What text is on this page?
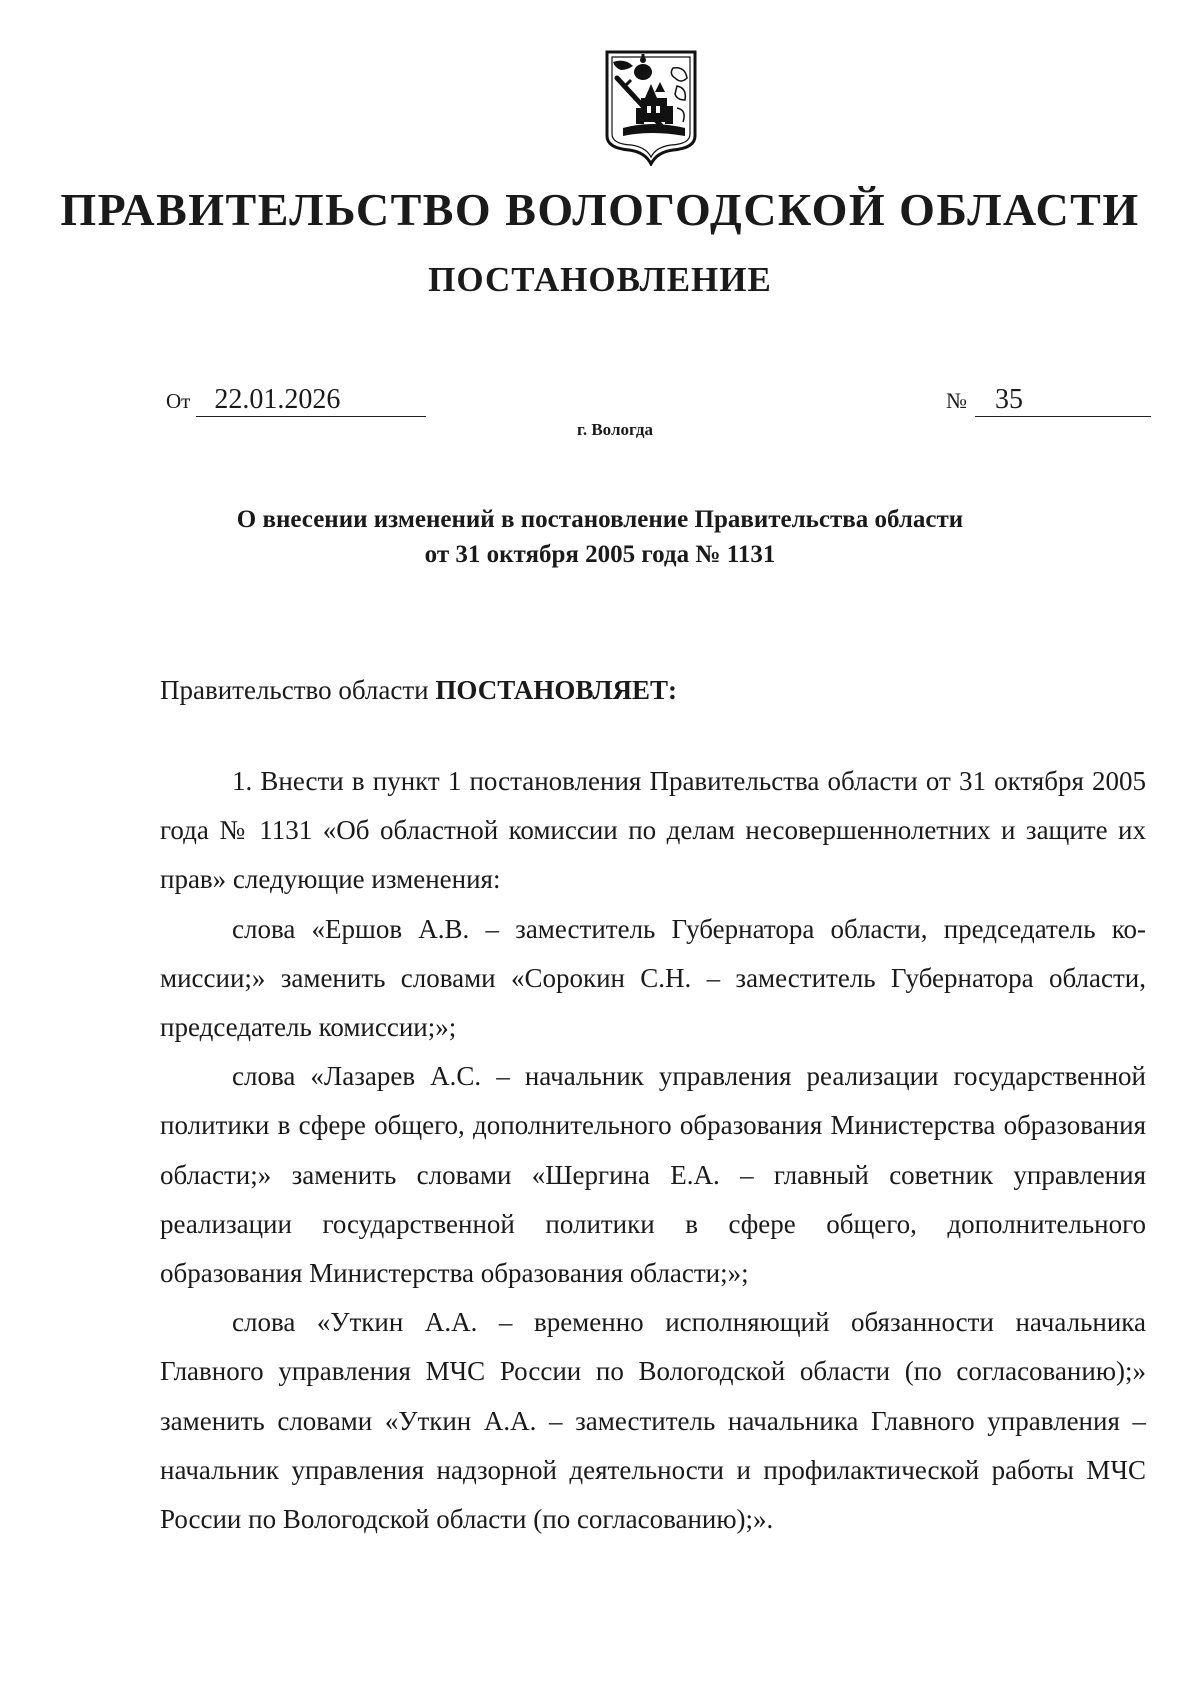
ПРАВИТЕЛЬСТВО ВОЛОГОДСКОЙ ОБЛАСТИ
ПОСТАНОВЛЕНИЕ
От 22.01.2026	№ 35
г. Вологда
О внесении изменений в постановление Правительства области
от 31 октября 2005 года № 1131
Правительство области ПОСТАНОВЛЯЕТ:

1. Внести в пункт 1 постановления Правительства области от 31 октября 2005 года № 1131 «Об областной комиссии по делам несовершеннолетних и защите их прав» следующие изменения:

слова «Ершов А.В. – заместитель Губернатора области, председатель комиссии;» заменить словами «Сорокин С.Н. – заместитель Губернатора области, председатель комиссии;»;

слова «Лазарев А.С. – начальник управления реализации государственной политики в сфере общего, дополнительного образования Министерства образования области;» заменить словами «Шергина Е.А. – главный советник управления реализации государственной политики в сфере общего, дополнительного образования Министерства образования области;»;

слова «Уткин А.А. – временно исполняющий обязанности начальника Главного управления МЧС России по Вологодской области (по согласованию);» заменить словами «Уткин А.А. – заместитель начальника Главного управления – начальник управления надзорной деятельности и профилактической работы МЧС России по Вологодской области (по согласованию);».
